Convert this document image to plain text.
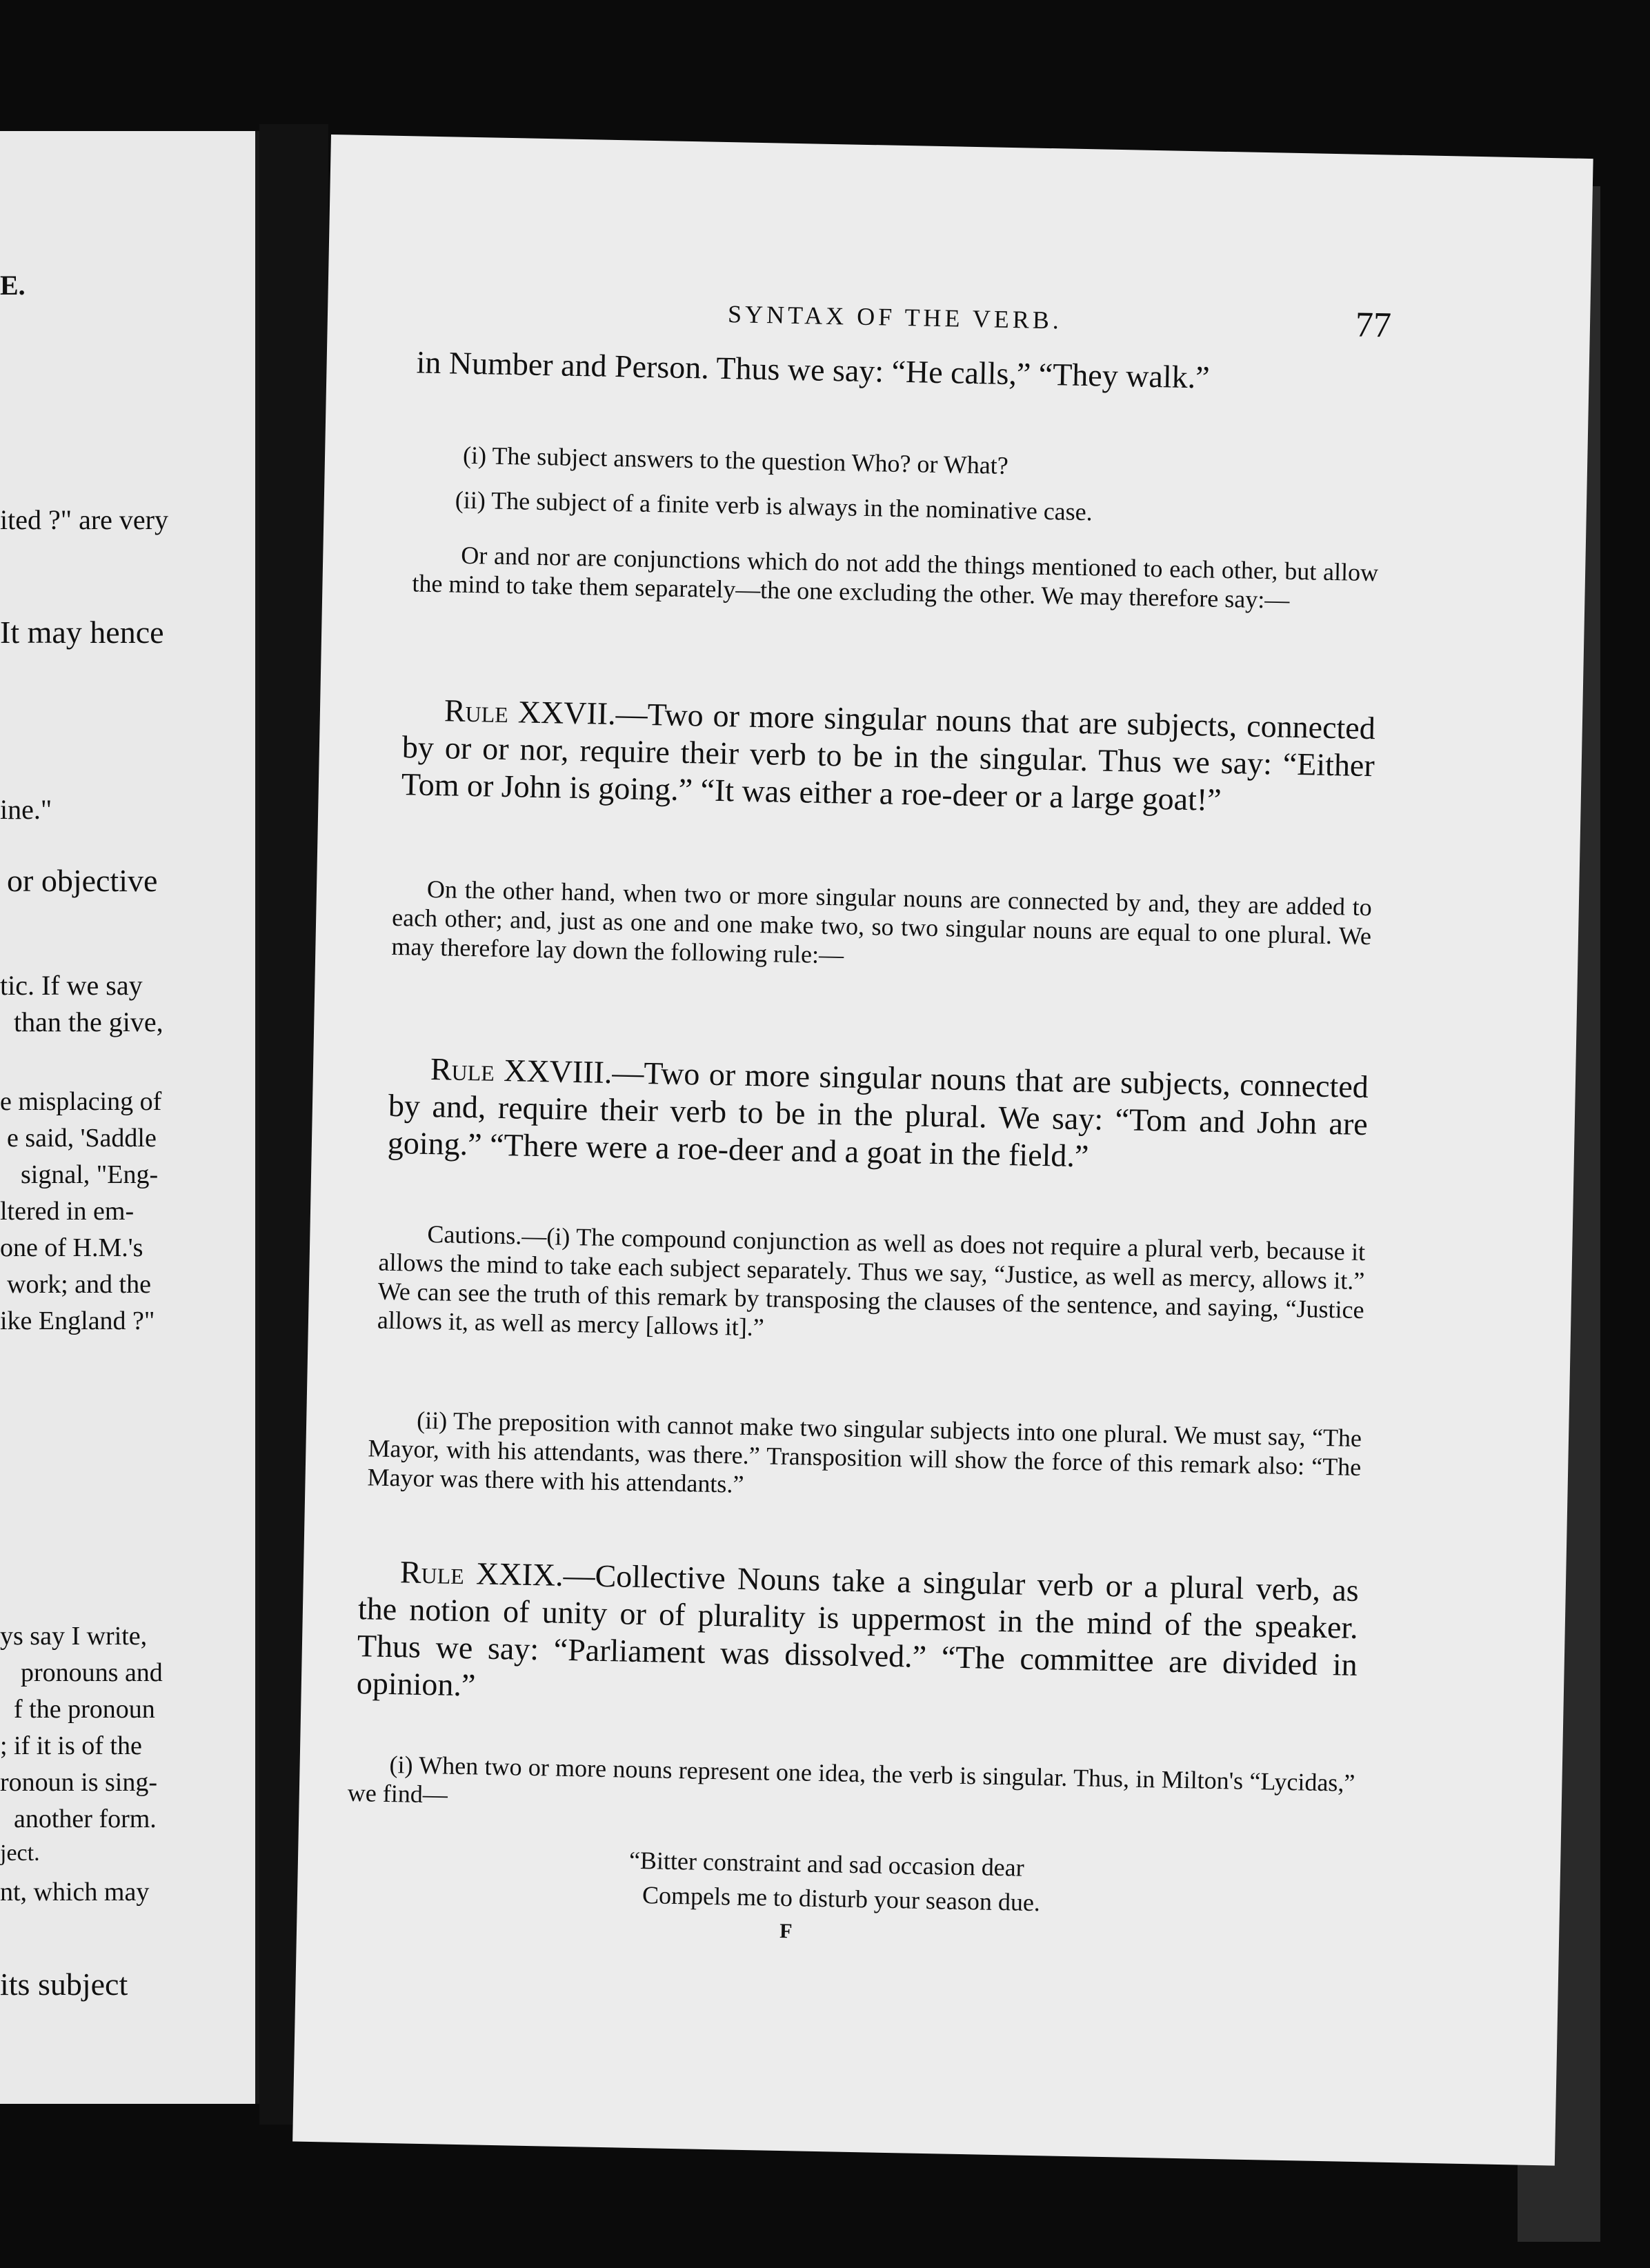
E.
ited ?" are very
It may hence
ine."
or objective
tic. If we say
than the give,
e misplacing of
e said, 'Saddle
signal, "Eng-
ltered in em-
one of H.M.'s
work; and the
ike England ?"
ys say I write,
pronouns and
f the pronoun
; if it is of the
ronoun is sing-
another form.
ject.
nt, which may
its subject
SYNTAX OF THE VERB.	77
in Number and Person. Thus we say: “He calls,” “They walk.”
(i) The subject answers to the question Who? or What?
(ii) The subject of a finite verb is always in the nominative case.
Or and nor are conjunctions which do not add the things mentioned to each other, but allow the mind to take them separately—the one excluding the other. We may therefore say:—
Rule XXVII.—Two or more singular nouns that are subjects, connected by or or nor, require their verb to be in the singular. Thus we say: “Either Tom or John is going.” “It was either a roe-deer or a large goat!”
On the other hand, when two or more singular nouns are connected by and, they are added to each other; and, just as one and one make two, so two singular nouns are equal to one plural. We may therefore lay down the following rule:—
Rule XXVIII.—Two or more singular nouns that are subjects, connected by and, require their verb to be in the plural. We say: “Tom and John are going.” “There were a roe-deer and a goat in the field.”
Cautions.—(i) The compound conjunction as well as does not require a plural verb, because it allows the mind to take each subject separately. Thus we say, “Justice, as well as mercy, allows it.” We can see the truth of this remark by transposing the clauses of the sentence, and saying, “Justice allows it, as well as mercy [allows it].”
(ii) The preposition with cannot make two singular subjects into one plural. We must say, “The Mayor, with his attendants, was there.” Transposition will show the force of this remark also: “The Mayor was there with his attendants.”
Rule XXIX.—Collective Nouns take a singular verb or a plural verb, as the notion of unity or of plurality is uppermost in the mind of the speaker. Thus we say: “Parliament was dissolved.” “The committee are divided in opinion.”
(i) When two or more nouns represent one idea, the verb is singular. Thus, in Milton's “Lycidas,” we find—
“Bitter constraint and sad occasion dear
Compels me to disturb your season due.
F
